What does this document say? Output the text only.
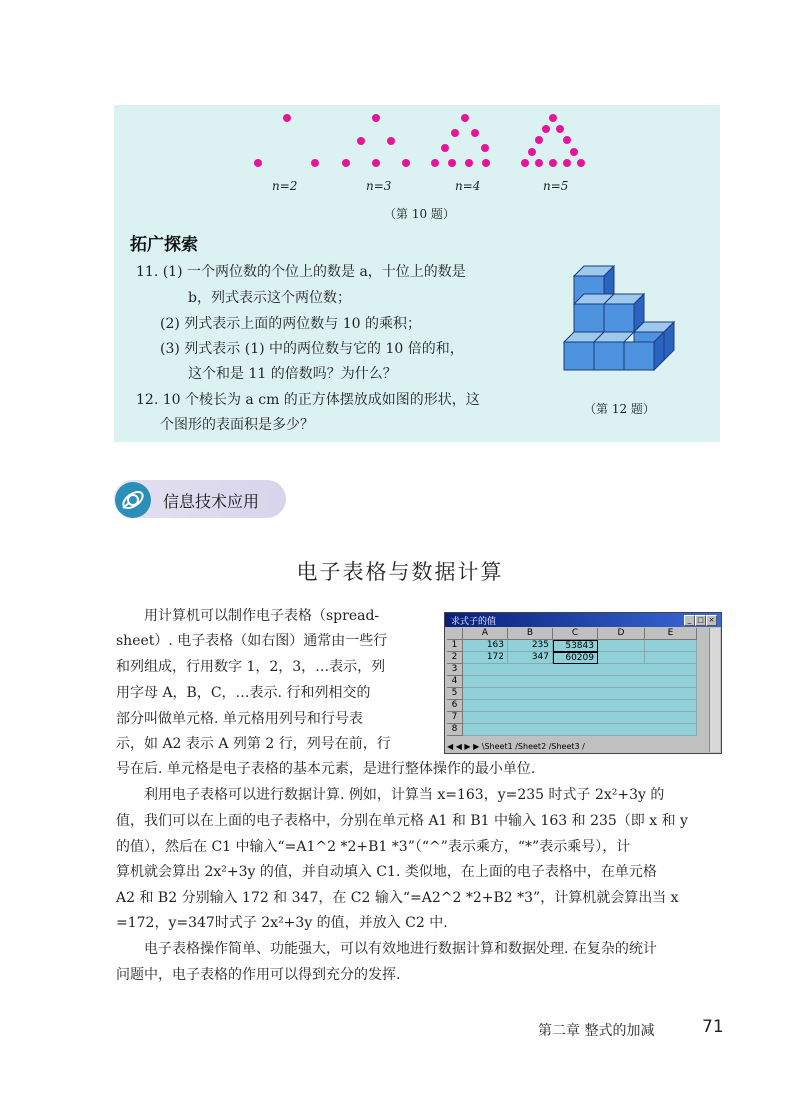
n=2	n=3	n=4	n=5
（第 10 题）
拓广探索
11. (1) 一个两位数的个位上的数是 a，十位上的数是
b，列式表示这个两位数；
(2) 列式表示上面的两位数与 10 的乘积；
(3) 列式表示 (1) 中的两位数与它的 10 倍的和，
这个和是 11 的倍数吗？为什么？
12. 10 个棱长为 a cm 的正方体摆放成如图的形状，这
个图形的表面积是多少？
（第 12 题）
信息技术应用
电子表格与数据计算
用计算机可以制作电子表格（spread-
sheet）. 电子表格（如右图）通常由一些行
和列组成，行用数字 1，2，3，…表示，列
用字母 A，B，C，…表示. 行和列相交的
部分叫做单元格. 单元格用列号和行号表
示，如 A2 表示 A 列第 2 行，列号在前，行
号在后. 单元格是电子表格的基本元素，是进行整体操作的最小单位.
利用电子表格可以进行数据计算. 例如，计算当 x=163，y=235 时式子 2x²+3y 的
值，我们可以在上面的电子表格中，分别在单元格 A1 和 B1 中输入 163 和 235（即 x 和 y
的值），然后在 C1 中输入“=A1^2 *2+B1 *3”（“^”表示乘方，“*”表示乘号），计
算机就会算出 2x²+3y 的值，并自动填入 C1. 类似地，在上面的电子表格中，在单元格
A2 和 B2 分别输入 172 和 347，在 C2 输入“=A2^2 *2+B2 *3”，计算机就会算出当 x
=172，y=347时式子 2x²+3y 的值，并放入 C2 中.
电子表格操作简单、功能强大，可以有效地进行数据计算和数据处理. 在复杂的统计
问题中，电子表格的作用可以得到充分的发挥.
求式子的值	_ □ ×
A	B	C	D	E
1	163	235	53843
2	172	347	60209
3
4
5
6
7
8
◀ ◀ ▶ ▶ \Sheet1 /Sheet2 /Sheet3 /
第二章 整式的加减	71
